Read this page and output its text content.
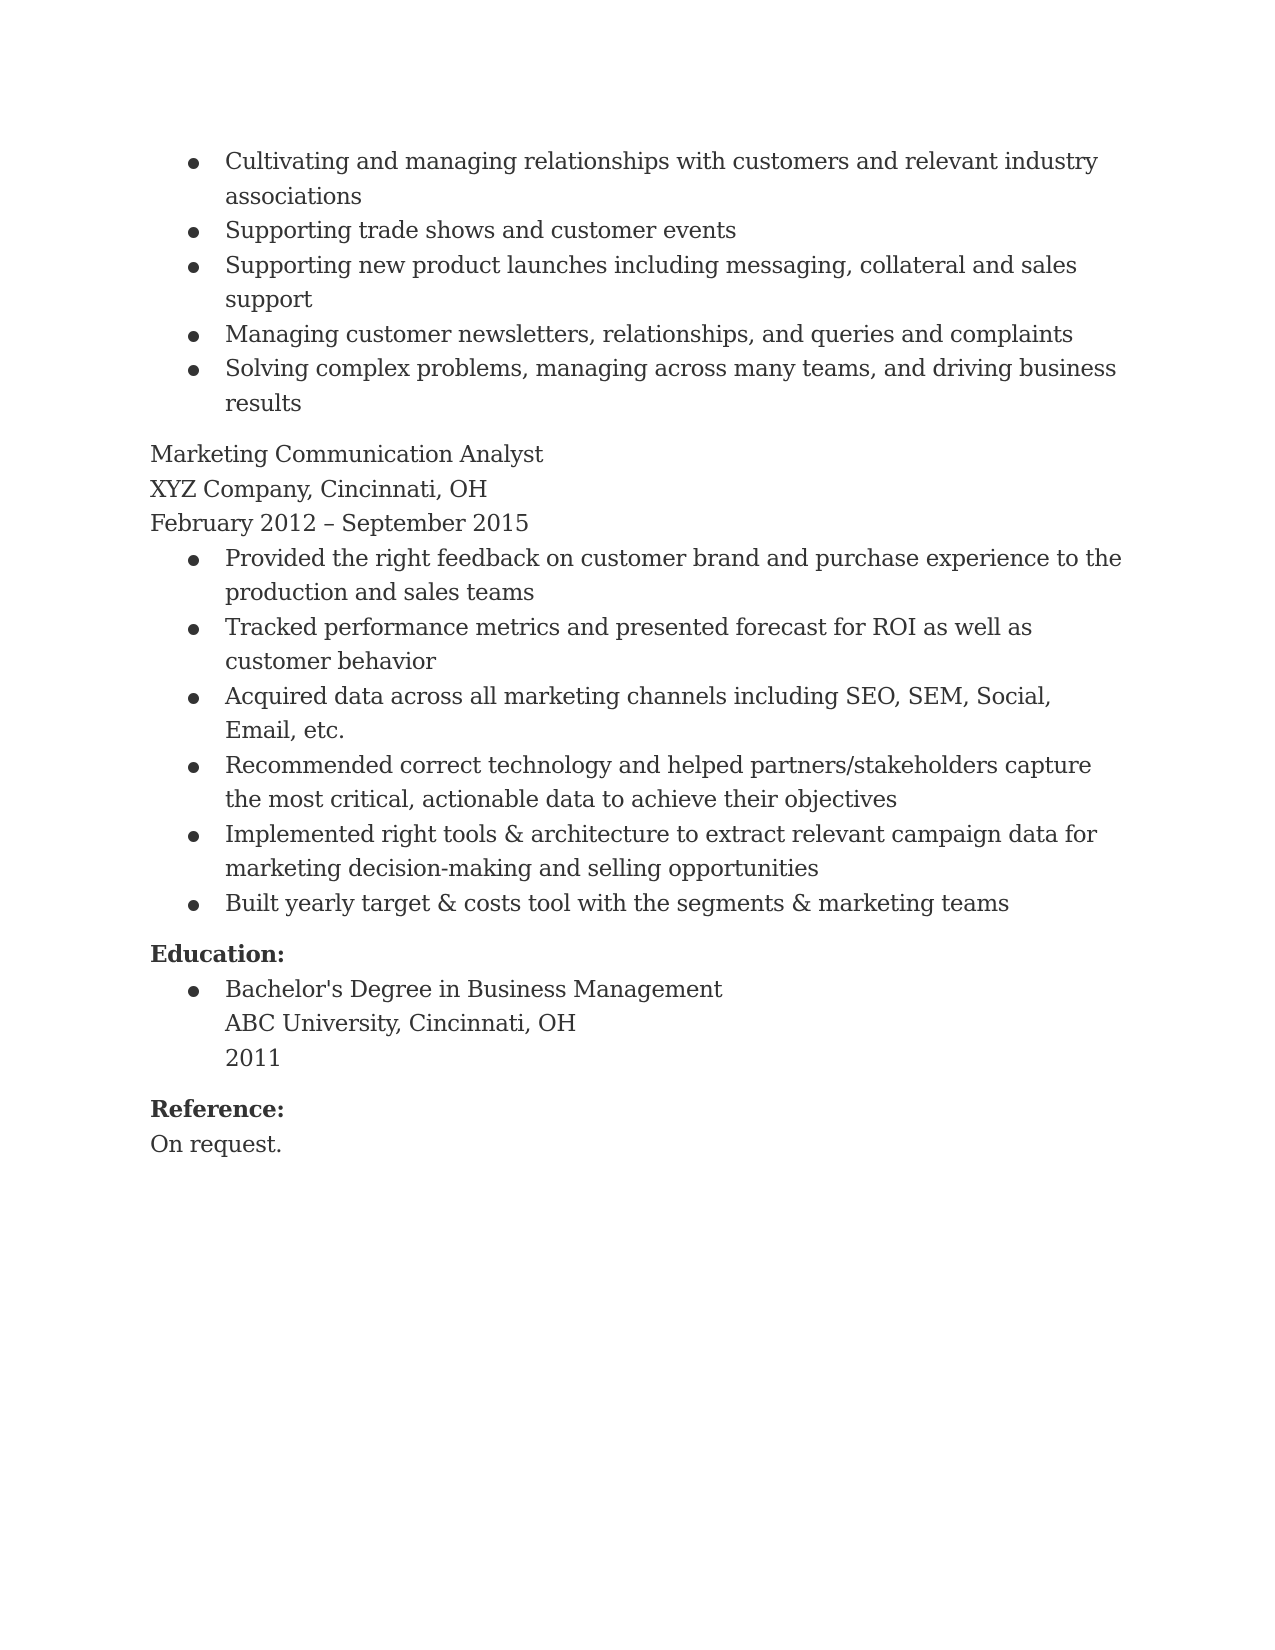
Cultivating and managing relationships with customers and relevant industry associations
Supporting trade shows and customer events
Supporting new product launches including messaging, collateral and sales support
Managing customer newsletters, relationships, and queries and complaints
Solving complex problems, managing across many teams, and driving business results
Marketing Communication Analyst
XYZ Company, Cincinnati, OH
February 2012 – September 2015
Provided the right feedback on customer brand and purchase experience to the production and sales teams
Tracked performance metrics and presented forecast for ROI as well as customer behavior
Acquired data across all marketing channels including SEO, SEM, Social, Email, etc.
Recommended correct technology and helped partners/stakeholders capture the most critical, actionable data to achieve their objectives
Implemented right tools & architecture to extract relevant campaign data for marketing decision-making and selling opportunities
Built yearly target & costs tool with the segments & marketing teams
Education:
Bachelor's Degree in Business Management
ABC University, Cincinnati, OH
2011
Reference:
On request.
